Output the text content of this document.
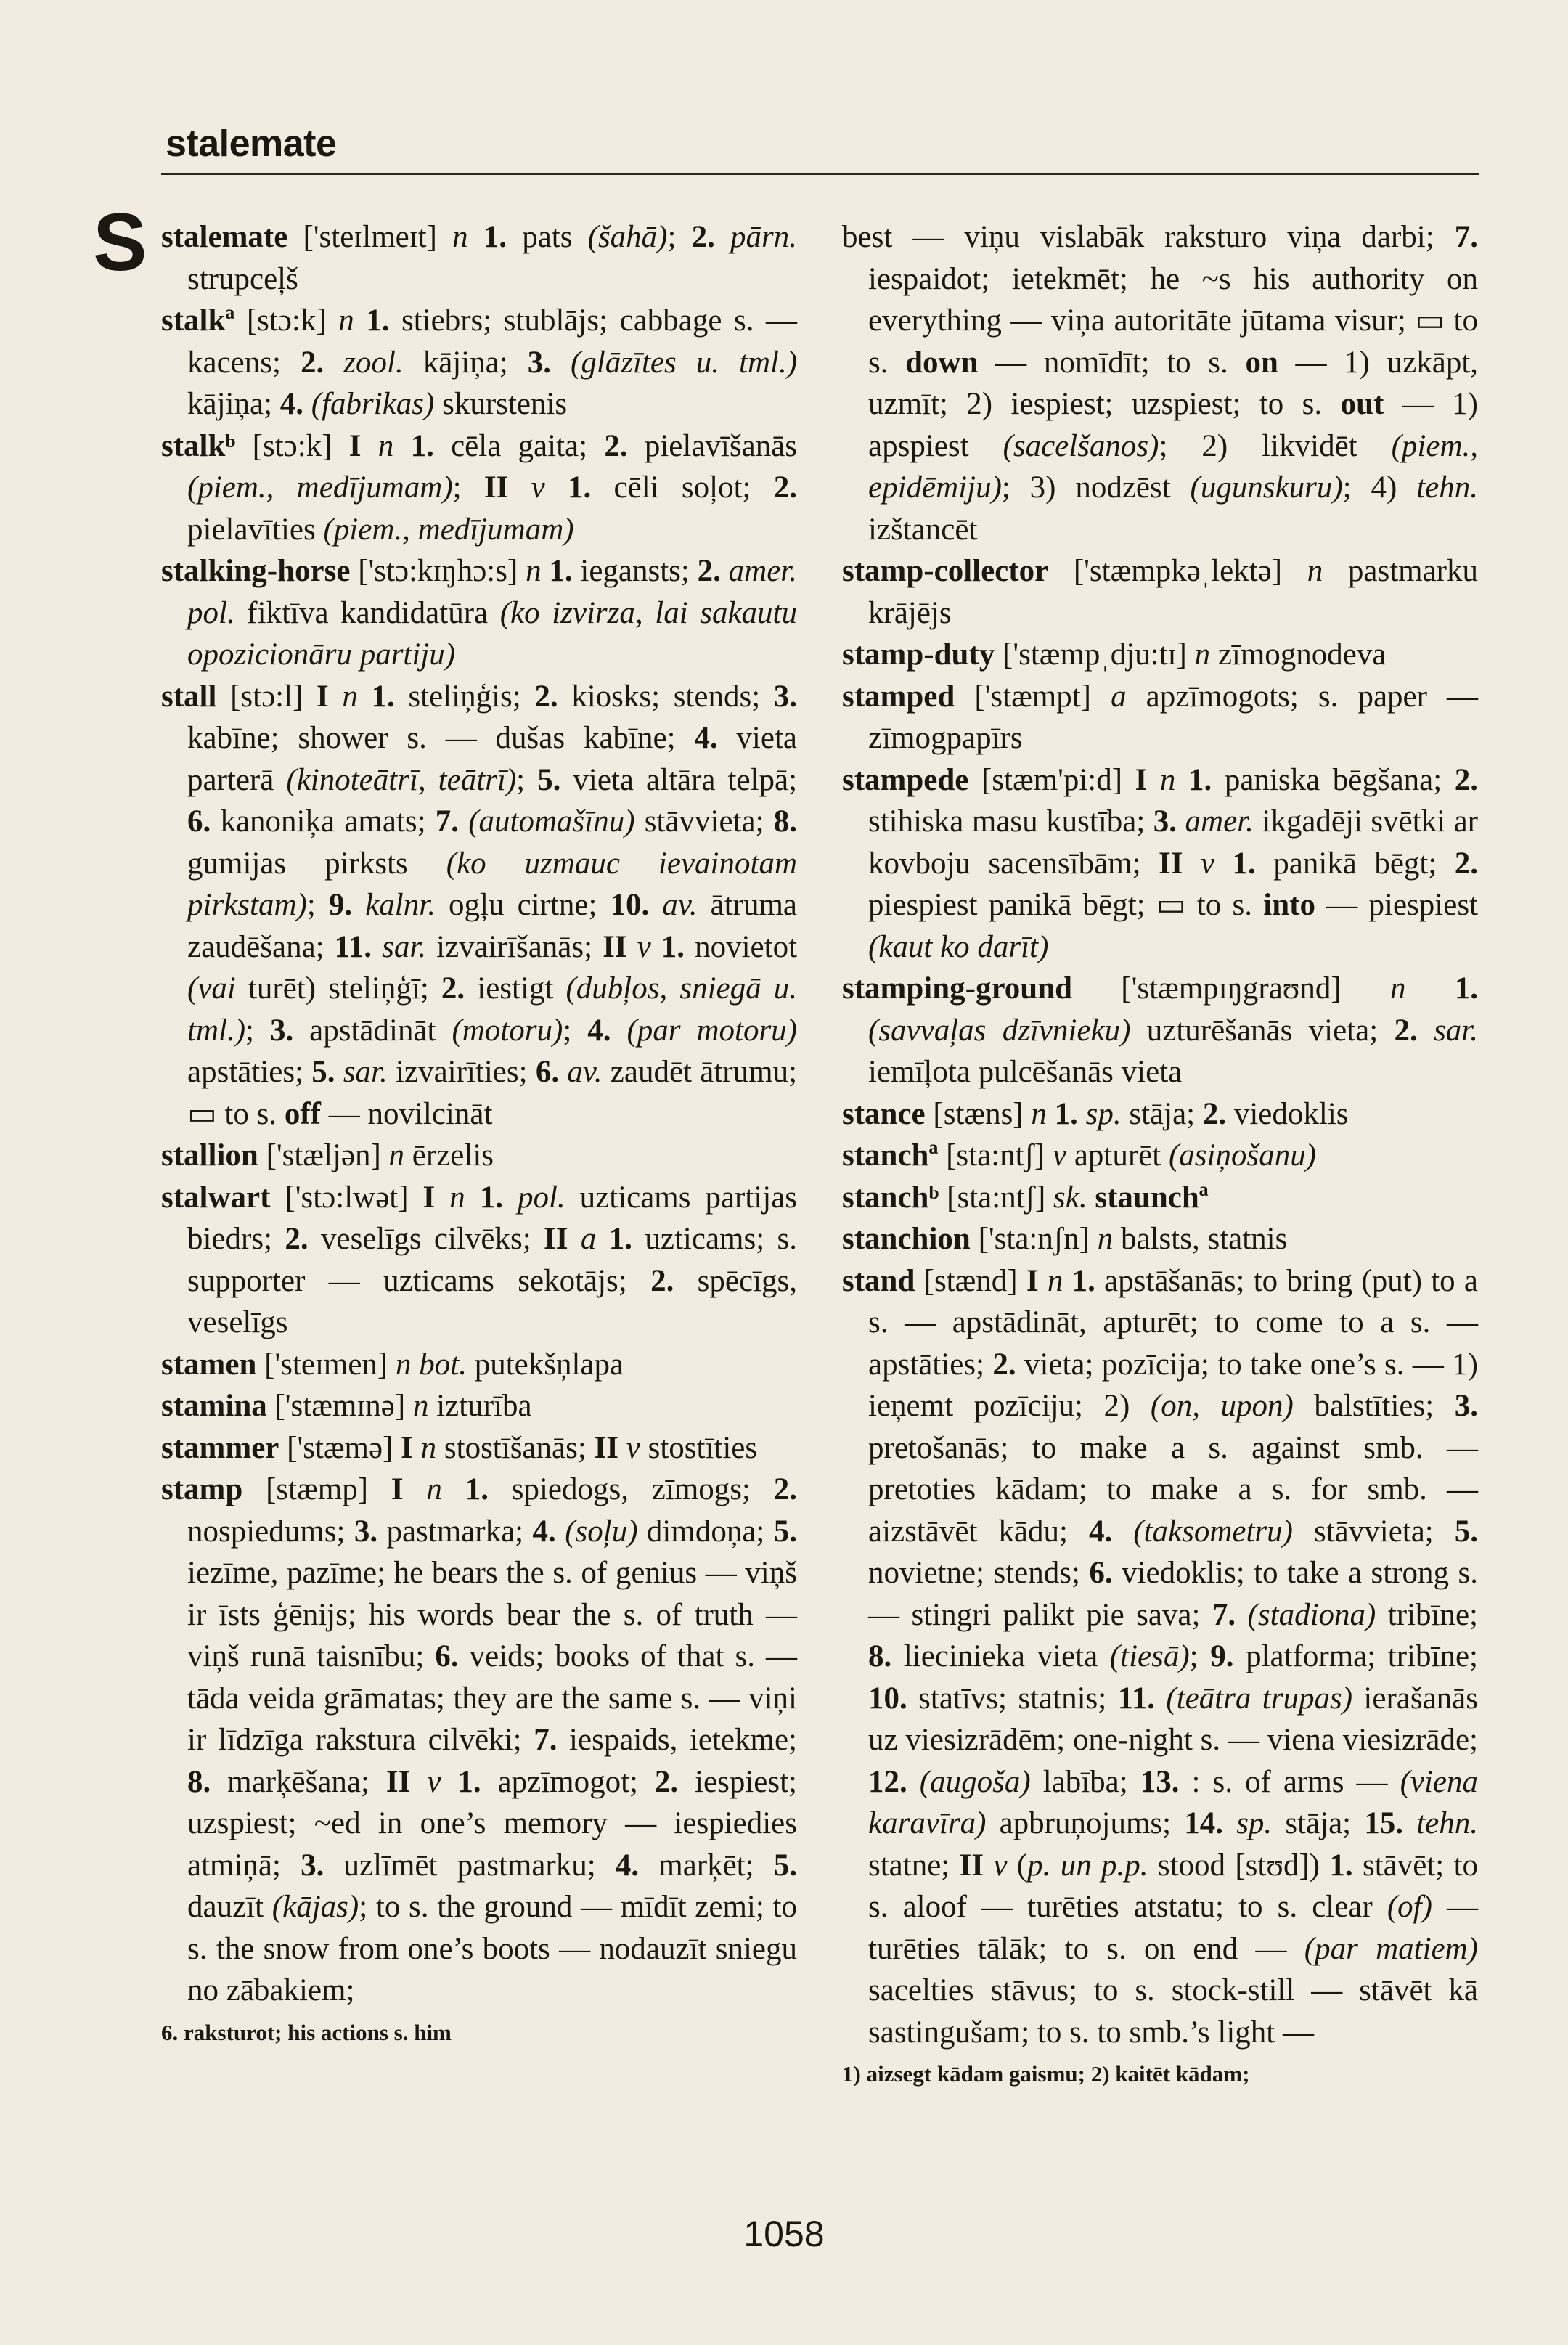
stalemate
S stalemate ['steɪlmeɪt] n 1. pats (šahā); 2. pārn. strupceļš

stalkª [stɔ:k] n 1. stiebrs; stublājs; cabbage s. — kacens; 2. zool. kājiņa; 3. (glāzītes u. tml.) kājiņa; 4. (fabrikas) skurstenis

stalkᵇ [stɔ:k] I n 1. cēla gaita; 2. pielavīšanās (piem., medījumam); II v 1. cēli soļot; 2. pielavīties (piem., medījumam)

stalking-horse ['stɔ:kɪŋhɔ:s] n 1. iegansts; 2. amer. pol. fiktīva kandidatūra (ko izvirza, lai sakautu opozicionāru partiju)

stall [stɔ:l] I n 1. steliņģis; 2. kiosks; stends; 3. kabīne; shower s. — dušas kabīne; 4. vieta parterā (kinoteātrī, teātrī); 5. vieta altāra telpā; 6. kanoniķa amats; 7. (automašīnu) stāvvieta; 8. gumijas pirksts (ko uzmauc ievainotam pirkstam); 9. kalnr. ogļu cirtne; 10. av. ātruma zaudēšana; 11. sar. izvairīšanās; II v 1. novietot (vai turēt) steliņģī; 2. iestigt (dubļos, sniegā u. tml.); 3. apstādināt (motoru); 4. (par motoru) apstāties; 5. sar. izvairīties; 6. av. zaudēt ātrumu; ▭ to s. off — novilcināt

stallion ['stæljən] n ērzelis

stalwart ['stɔ:lwət] I n 1. pol. uzticams partijas biedrs; 2. veselīgs cilvēks; II a 1. uzticams; s. supporter — uzticams sekotājs; 2. spēcīgs, veselīgs

stamen ['steɪmen] n bot. putekšņlapa

stamina ['stæmɪnə] n izturība

stammer ['stæmə] I n stostīšanās; II v stostīties

stamp [stæmp] I n 1. spiedogs, zīmogs; 2. nospiedums; 3. pastmarka; 4. (soļu) dimdoņa; 5. iezīme, pazīme; he bears the s. of genius — viņš ir īsts ģēnijs; his words bear the s. of truth — viņš runā taisnību; 6. veids; books of that s. — tāda veida grāmatas; they are the same s. — viņi ir līdzīga rakstura cilvēki; 7. iespaids, ietekme; 8. marķēšana; II v 1. apzīmogot; 2. iespiest; uzspiest; ~ed in one’s memory — iespiedies atmiņā; 3. uzlīmēt pastmarku; 4. marķēt; 5. dauzīt (kājas); to s. the ground — mīdīt zemi; to s. the snow from one’s boots — nodauzīt sniegu no zābakiem;

6. raksturot; his actions s. him

best — viņu vislabāk raksturo viņa darbi; 7. iespaidot; ietekmēt; he ~s his authority on everything — viņa autoritāte jūtama visur; ▭ to s. down — nomīdīt; to s. on — 1) uzkāpt, uzmīt; 2) iespiest; uzspiest; to s. out — 1) apspiest (sacelšanos); 2) likvidēt (piem., epidēmiju); 3) nodzēst (ugunskuru); 4) tehn. izštancēt

stamp-collector ['stæmpkəˌlektə] n pastmarku krājējs

stamp-duty ['stæmpˌdju:tɪ] n zīmognodeva

stamped ['stæmpt] a apzīmogots; s. paper — zīmogpapīrs

stampede [stæm'pi:d] I n 1. paniska bēgšana; 2. stihiska masu kustība; 3. amer. ikgadēji svētki ar kovboju sacensībām; II v 1. panikā bēgt; 2. piespiest panikā bēgt; ▭ to s. into — piespiest (kaut ko darīt)

stamping-ground ['stæmpɪŋgraʊnd] n 1. (savvaļas dzīvnieku) uzturēšanās vieta; 2. sar. iemīļota pulcēšanās vieta

stance [stæns] n 1. sp. stāja; 2. viedoklis

stanchª [sta:ntʃ] v apturēt (asiņošanu)

stanchᵇ [sta:ntʃ] sk. staunchª

stanchion ['sta:nʃn] n balsts, statnis

stand [stænd] I n 1. apstāšanās; to bring (put) to a s. — apstādināt, apturēt; to come to a s. — apstāties; 2. vieta; pozīcija; to take one’s s. — 1) ieņemt pozīciju; 2) (on, upon) balstīties; 3. pretošanās; to make a s. against smb. — pretoties kādam; to make a s. for smb. — aizstāvēt kādu; 4. (taksometru) stāvvieta; 5. novietne; stends; 6. viedoklis; to take a strong s. — stingri palikt pie sava; 7. (stadiona) tribīne; 8. liecinieka vieta (tiesā); 9. platforma; tribīne; 10. statīvs; statnis; 11. (teātra trupas) ierašanās uz viesizrādēm; one-night s. — viena viesizrāde; 12. (augoša) labība; 13. : s. of arms — (viena karavīra) apbruņojums; 14. sp. stāja; 15. tehn. statne; II v (p. un p.p. stood [stʊd]) 1. stāvēt; to s. aloof — turēties atstatu; to s. clear (of) — turēties tālāk; to s. on end — (par matiem) sacelties stāvus; to s. stock-still — stāvēt kā sastingušam; to s. to smb.’s light —

1) aizsegt kādam gaismu; 2) kaitēt kādam;
1058
